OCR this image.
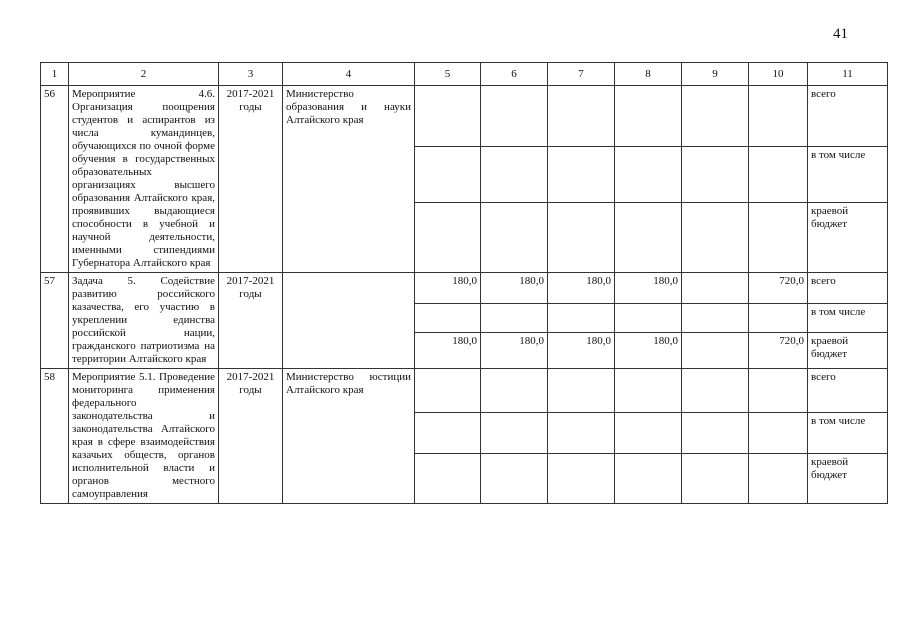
41
1	2	3	4	5	6	7	8	9	10	11
56	Мероприятие 4.6. Организация поощрения студентов и аспирантов из числа кумандинцев, обучающихся по очной форме обучения в государственных образовательных организациях высшего образования Алтайского края, проявивших выдающиеся способности в учебной и научной деятельности, именными стипендиями Губернатора Алтайского края	2017-2021 годы	Министерство образования и науки Алтайского края							всего
										в том числе
										краевой бюджет
57	Задача 5. Содействие развитию российского казачества, его участию в укреплении единства российской нации, гражданского патриотизма на территории Алтайского края	2017-2021 годы		180,0	180,0	180,0	180,0		720,0	всего
										в том числе
				180,0	180,0	180,0	180,0		720,0	краевой бюджет
58	Мероприятие 5.1. Проведение мониторинга применения федерального законодательства и законодательства Алтайского края в сфере взаимодействия казачьих обществ, органов исполнительной власти и органов местного самоуправления	2017-2021 годы	Министерство юстиции Алтайского края							всего
										в том числе
										краевой бюджет
